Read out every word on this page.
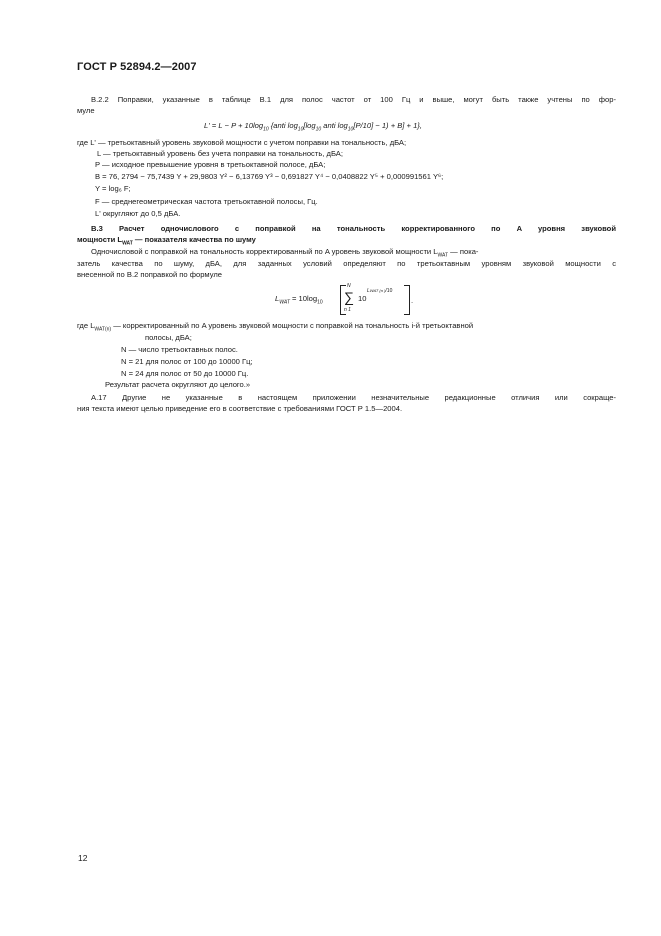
ГОСТ Р 52894.2—2007
В.2.2 Поправки, указанные в таблице В.1 для полос частот от 100 Гц и выше, могут быть также учтены по фор-
муле
$L' = L - P + 10\log_{10}$ {anti $\log_{10}[\log_{10}$ anti $\log_{10}[P/10] - 1) + B] + 1$},
где L' — третьоктавный уровень звуковой мощности с учетом поправки на тональность, дБА;
L — третьоктавный уровень без учета поправки на тональность, дБА;
P — исходное превышение уровня в третьоктавной полосе, дБА;
B = 76, 2794 − 75,7439 Y + 29,9803 Y² − 6,13769 Y³ − 0,691827 Y⁴ − 0,0408822 Y⁵ + 0,000991561 Y⁶;
Y = log₆ F;
F — среднегеометрическая частота третьоктавной полосы, Гц.
L' округляют до 0,5 дБА.
В.3 Расчет одночислового с поправкой на тональность корректированного по A уровня звуковой
мощности $L_{WAT}$ — показателя качества по шуму
Одночисловой с поправкой на тональность корректированный по A уровень звуковой мощности $L_{WAT}$ — пока-
затель качества по шуму, дБА, для заданных условий определяют по третьоктавным уровням звуковой мощности с
внесенной по В.2 поправкой по формуле
$L_{WAT} = 10\log_{10}$
N
∑
n 1
10
LWAT (n )/10
.
где $L_{WAT(n)}$ — корректированный по A уровень звуковой мощности с поправкой на тональность i-й третьоктавной
полосы, дБА;
N — число третьоктавных полос.
N = 21 для полос от 100 до 10000 Гц;
N = 24 для полос от 50 до 10000 Гц.
Результат расчета округляют до целого.»
А.17 Другие не указанные в настоящем приложении незначительные редакционные отличия или сокраще-
ния текста имеют целью приведение его в соответствие с требованиями ГОСТ Р 1.5—2004.
12
